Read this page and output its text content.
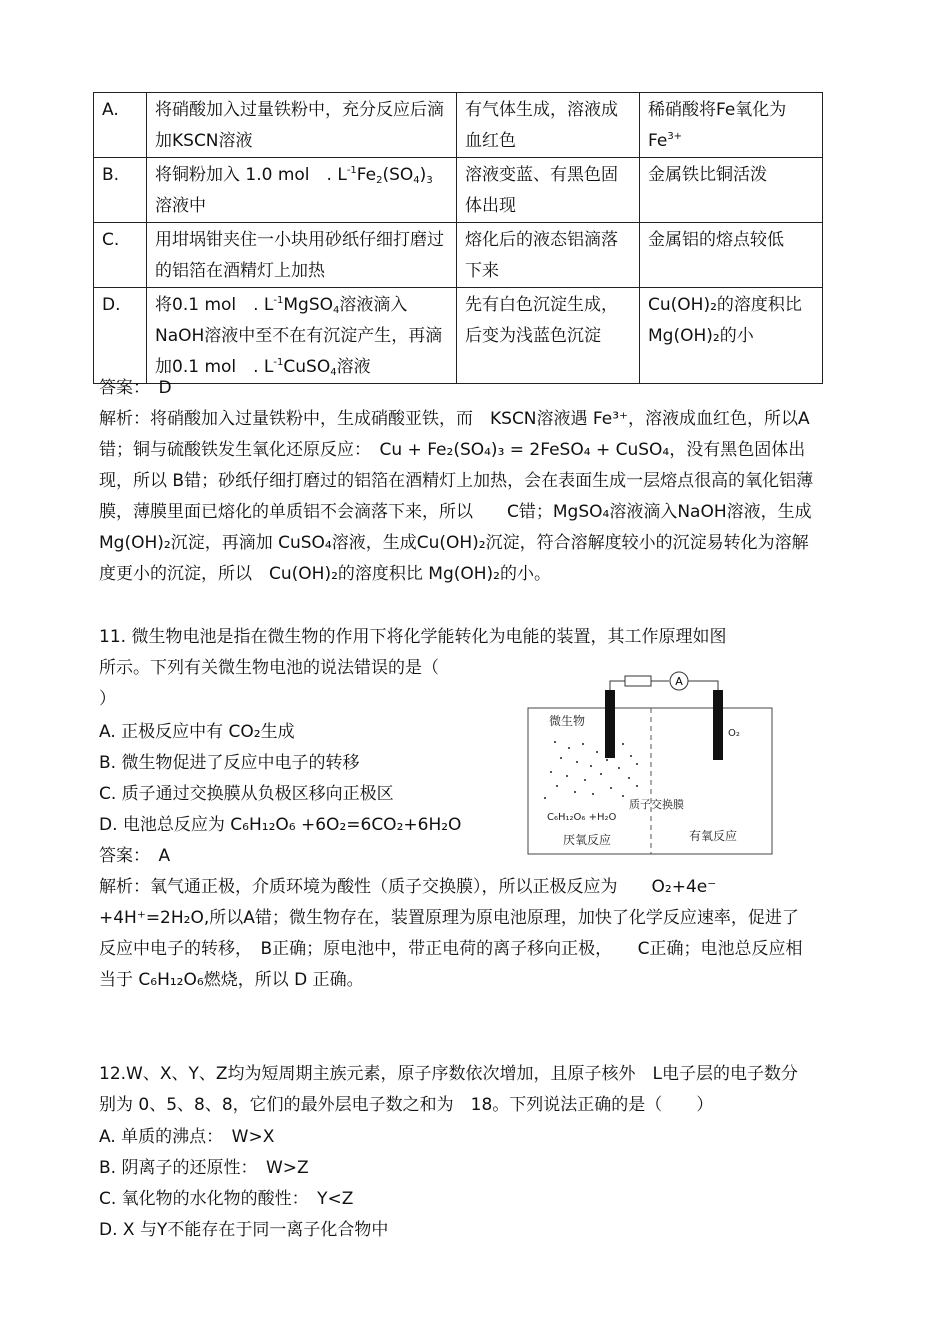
A.	将硝酸加入过量铁粉中，充分反应后滴加KSCN溶液	有气体生成，溶液成血红色	稀硝酸将Fe氧化为$Fe^{3+}$
B.	将铜粉加入 1.0 mol　. $L^{-1}Fe_2(SO_4)_3$溶液中	溶液变蓝、有黑色固体出现	金属铁比铜活泼
C.	用坩埚钳夹住一小块用砂纸仔细打磨过的铝箔在酒精灯上加热	熔化后的液态铝滴落下来	金属铝的熔点较低
D.	将0.1 mol　. $L^{-1}MgSO_4$溶液滴入 NaOH溶液中至不在有沉淀产生，再滴加0.1 mol　. $L^{-1}CuSO_4$溶液	先有白色沉淀生成，后变为浅蓝色沉淀	Cu(OH)₂的溶度积比Mg(OH)₂的小
答案：　D
解析：将硝酸加入过量铁粉中，生成硝酸亚铁，而　KSCN溶液遇 Fe³⁺，溶液成血红色，所以A错；铜与硫酸铁发生氧化还原反应：　Cu + Fe₂(SO₄)₃ = 2FeSO₄ + CuSO₄，没有黑色固体出现，所以 B错；砂纸仔细打磨过的铝箔在酒精灯上加热，会在表面生成一层熔点很高的氧化铝薄膜，薄膜里面已熔化的单质铝不会滴落下来，所以　　C错；MgSO₄溶液滴入NaOH溶液，生成 Mg(OH)₂沉淀，再滴加 CuSO₄溶液，生成Cu(OH)₂沉淀，符合溶解度较小的沉淀易转化为溶解度更小的沉淀，所以　Cu(OH)₂的溶度积比 Mg(OH)₂的小。
11. 微生物电池是指在微生物的作用下将化学能转化为电能的装置，其工作原理如图
所示。下列有关微生物电池的说法错误的是（
）
A. 正极反应中有 CO₂生成
B. 微生物促进了反应中电子的转移
C. 质子通过交换膜从负极区移向正极区
D. 电池总反应为 C₆H₁₂O₆ +6O₂=6CO₂+6H₂O
答案：　A
解析：氧气通正极，介质环境为酸性（质子交换膜），所以正极反应为　　O₂+4e⁻ +4H⁺=2H₂O,所以A错；微生物存在，装置原理为原电池原理，加快了化学反应速率，促进了反应中电子的转移，　B正确；原电池中，带正电荷的离子移向正极，　　C正确；电池总反应相当于 C₆H₁₂O₆燃烧，所以 D 正确。
A
微生物
O₂
质子交换膜
C₆H₁₂O₆ +H₂O
厌氧反应	有氧反应
12.W、X、Y、Z均为短周期主族元素，原子序数依次增加，且原子核外　L电子层的电子数分别为 0、5、8、8，它们的最外层电子数之和为　18。下列说法正确的是（　　）
A. 单质的沸点：　W>X
B. 阴离子的还原性：　W>Z
C. 氧化物的水化物的酸性：　Y<Z
D. X 与Y不能存在于同一离子化合物中
